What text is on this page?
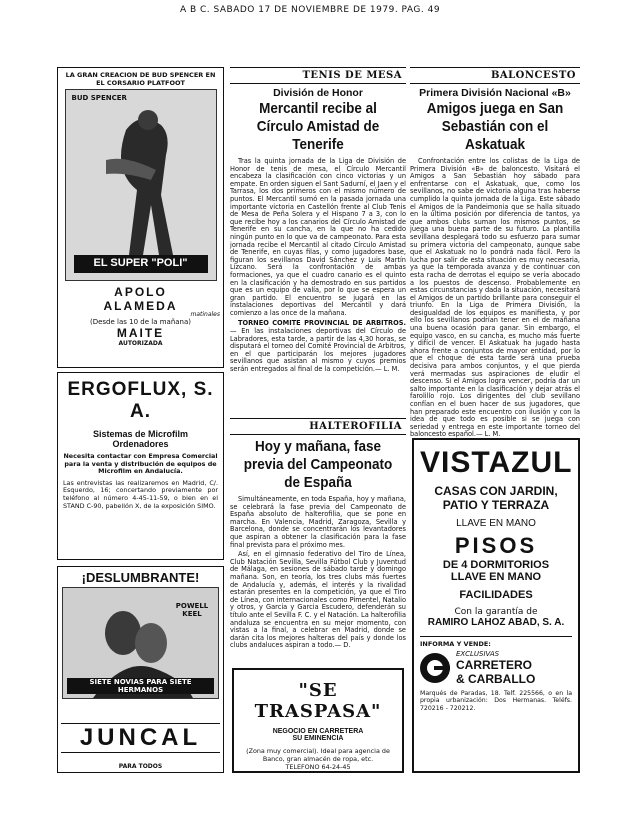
A B C. SABADO 17 DE NOVIEMBRE DE 1979. PAG. 49
LA GRAN CREACION DE BUD SPENCER EN EL CORSARIO PLATFOOT
BUD SPENCER
EL SUPER "POLI"
APOLO
ALAMEDA
matinales
(Desde las 10 de la mañana)
MAITE
AUTORIZADA
ERGOFLUX, S. A.
Sistemas de Microfilm
Ordenadores
Necesita contactar con Empresa Comercial para la venta y distribución de equipos de Microfilm en Andalucía.
Las entrevistas las realizaremos en Madrid, C/. Esquerdo, 16; concertando previamente por teléfono al número 4-45-11-59, o bien en el STAND C-90, pabellón X, de la exposición SIMO.
¡DESLUMBRANTE!
POWELL KEEL
SIETE NOVIAS PARA SIETE HERMANOS
JUNCAL
PARA TODOS
TENIS DE MESA
División de Honor
Mercantil recibe al Círculo Amistad de Tenerife

Tras la quinta jornada de la Liga de División de Honor de tenis de mesa, el Círculo Mercantil encabeza la clasificación con cinco victorias y un empate. En orden siguen el Sant Sadurní, el Jaen y el Tarrasa, los dos primeros con el mismo número de puntos. El Mercantil sumó en la pasada jornada una importante victoria en Castellón frente al Club Tenis de Mesa de Peña Solera y el Hispano 7 a 3, con lo que recibe hoy a los canarios del Círculo Amistad de Tenerife en su cancha, en la que no ha cedido ningún punto en lo que va de campeonato. Para esta jornada recibe el Mercantil al citado Círculo Amistad de Tenerife, en cuyas filas, y como jugadores base, figuran los sevillanos David Sánchez y Luis Martín Lizcano. Será la confrontación de ambas formaciones, ya que el cuadro canario es el quinto en la clasificación y ha demostrado en sus partidos que es un equipo de valía, por lo que se espera un gran partido. El encuentro se jugará en las instalaciones deportivas del Mercantil y dará comienzo a las once de la mañana.

TORNEO COMITE PROVINCIAL DE ARBITROS.— En las instalaciones deportivas del Círculo de Labradores, esta tarde, a partir de las 4,30 horas, se disputará el torneo del Comité Provincial de Arbitros, en el que participarán los mejores jugadores sevillanos que asistan al mismo y cuyos premios serán entregados al final de la competición.— L. M.

HALTEROFILIA
Hoy y mañana, fase previa del Campeonato de España

Simultáneamente, en toda España, hoy y mañana, se celebrará la fase previa del Campeonato de España absoluto de halterofilia, que se pone en marcha. En Valencia, Madrid, Zaragoza, Sevilla y Barcelona, donde se concentrarán los levantadores que aspiran a obtener la clasificación para la fase final prevista para el próximo mes.

Así, en el gimnasio federativo del Tiro de Línea, Club Natación Sevilla, Sevilla Fútbol Club y Juventud de Málaga, en sesiones de sábado tarde y domingo mañana. Son, en teoría, los tres clubs más fuertes de Andalucía y, además, el interés y la rivalidad estarán presentes en la competición, ya que el Tiro de Línea, con internacionales como Pimentel, Natalio y otros, y Garcia y Garcia Escudero, defenderán su título ante el Sevilla F. C. y el Natación. La halterofilia andaluza se encuentra en su mejor momento, con vistas a la final, a celebrar en Madrid, donde se darán cita los mejores halteras del país y donde los clubs andaluces aspiran a todo.— D.

"SE TRASPASA"
NEGOCIO EN CARRETERA
SU EMINENCIA
(Zona muy comercial). Ideal para agencia de Banco, gran almacén de ropa, etc.
TELEFONO 64-24-45
BALONCESTO
Primera División Nacional «B»
Amigos juega en San Sebastián con el Askatuak

Confrontación entre los colistas de la Liga de Primera División «B» de baloncesto. Visitará el Amigos a San Sebastián hoy sábado para enfrentarse con el Askatuak, que, como los sevillanos, no sabe de victoria alguna tras haberse cumplido la quinta jornada de la Liga. Este sábado el Amigos de la Pandeimonia que se halla situado en la última posición por diferencia de tantos, ya que ambos clubs suman los mismos puntos, se juega una buena parte de su futuro. La plantilla sevillana desplegará todo su esfuerzo para sumar su primera victoria del campeonato, aunque sabe que el Askatuak no lo pondrá nada fácil. Pero la lucha por salir de esta situación es muy necesaria, ya que la temporada avanza y de continuar con esta racha de derrotas el equipo se vería abocado a los puestos de descenso. Probablemente en estas circunstancias y dada la situación, necesitará el Amigos de un partido brillante para conseguir el triunfo. En la Liga de Primera División, la desigualdad de los equipos es manifiesta, y por ello los sevillanos podrían tener en el de mañana una buena ocasión para ganar. Sin embargo, el equipo vasco, en su cancha, es mucho más fuerte y difícil de vencer. El Askatuak ha jugado hasta ahora frente a conjuntos de mayor entidad, por lo que el choque de esta tarde será una prueba decisiva para ambos conjuntos, y el que pierda verá mermadas sus aspiraciones de eludir el descenso. Si el Amigos logra vencer, podría dar un salto importante en la clasificación y dejar atrás el farolillo rojo. Los dirigentes del club sevillano confían en el buen hacer de sus jugadores, que han preparado este encuentro con ilusión y con la idea de que todo es posible si se juega con seriedad y entrega en este importante torneo del baloncesto español.— L. M.

VISTAZUL
CASAS CON JARDIN,
PATIO Y TERRAZA
LLAVE EN MANO
PISOS
DE 4 DORMITORIOS
LLAVE EN MANO
FACILIDADES
Con la garantía de
RAMIRO LAHOZ ABAD, S. A.
INFORMA Y VENDE:
EXCLUSIVAS
CARRETERO
& CARBALLO
Marqués de Paradas, 18. Telf. 225566, o en la propia urbanización: Dos Hermanas. Teléfs. 720216 - 720212.
